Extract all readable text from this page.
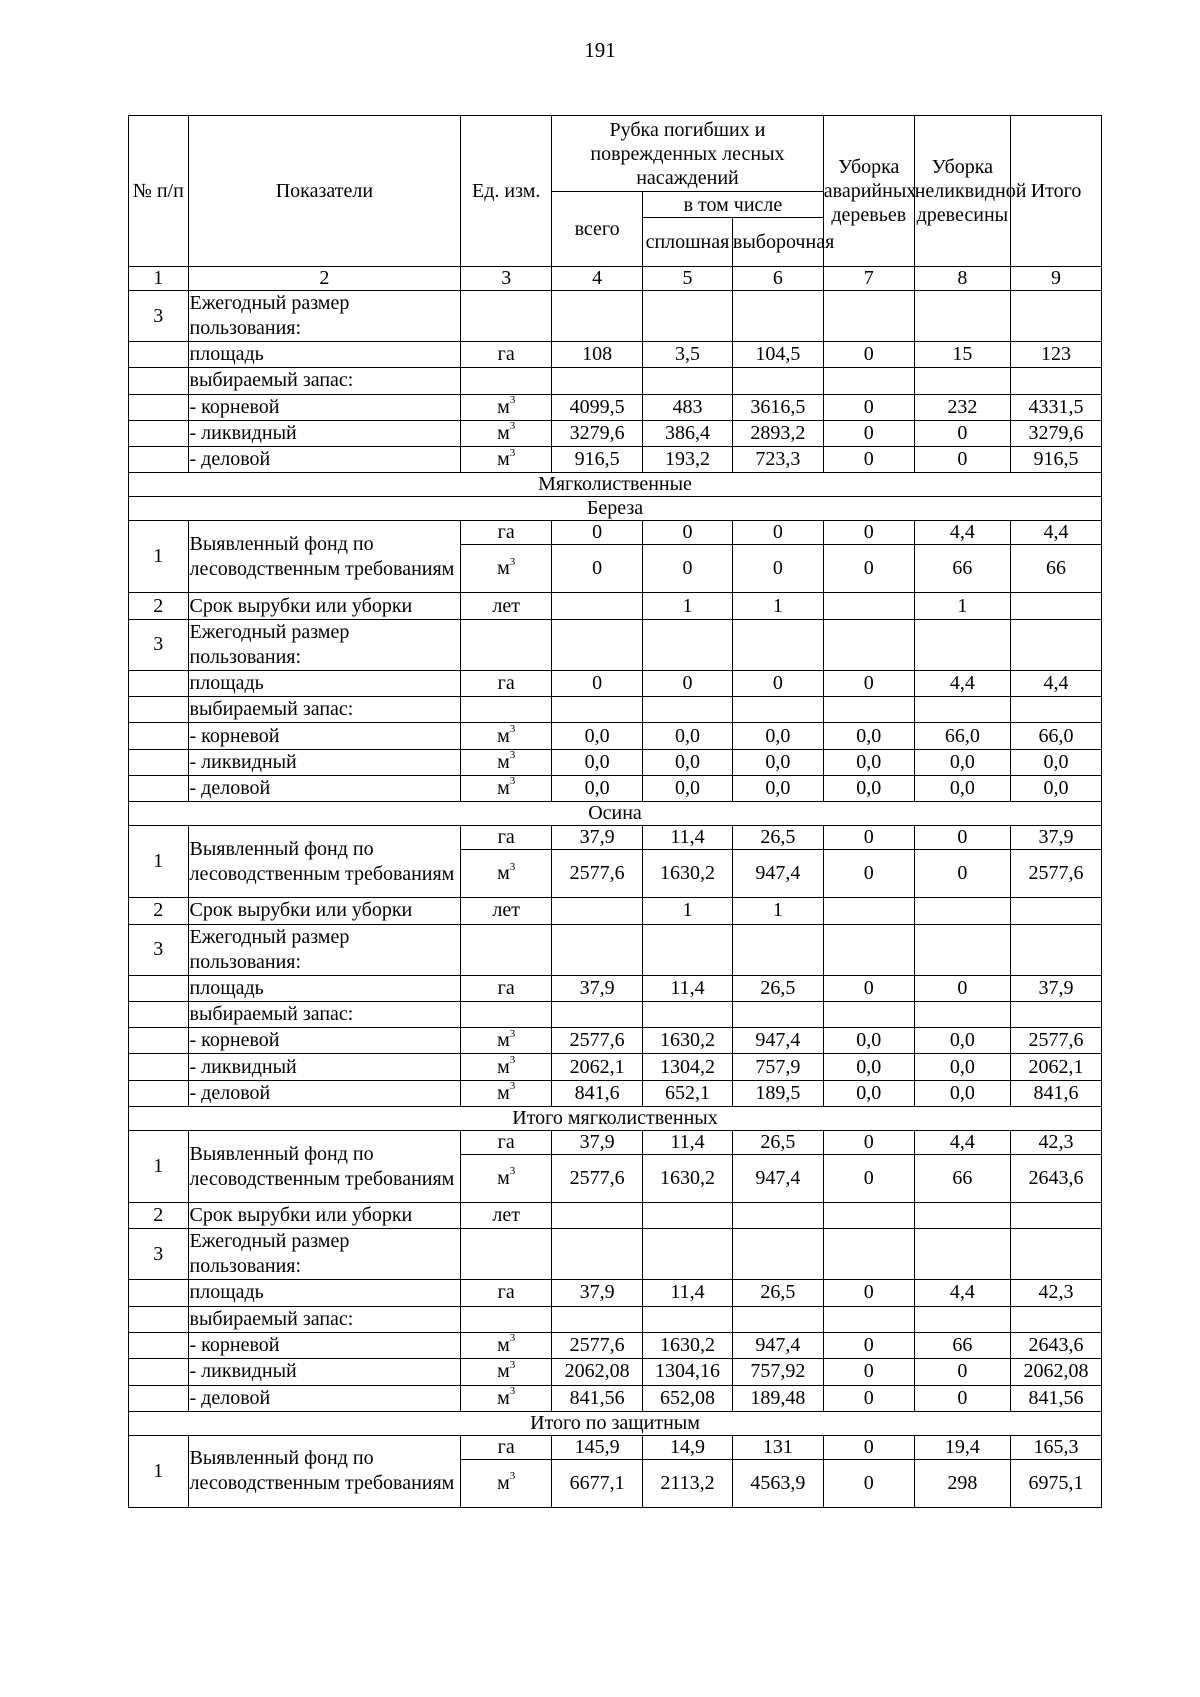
191
№ п/п	Показатели	Ед. изм.	Рубка погибших и поврежденных лесных насаждений			Уборка аварийных деревьев	Уборка неликвидной древесины	Итого
			всего	в том числе				
				сплошная	выборочная			
1	2	3	4	5	6	7	8	9
3	Ежегодный размер пользования:							
	площадь	га	108	3,5	104,5	0	15	123
	выбираемый запас:							
	- корневой	$м^3$	4099,5	483	3616,5	0	232	4331,5
	- ликвидный	$м^3$	3279,6	386,4	2893,2	0	0	3279,6
	- деловой	$м^3$	916,5	193,2	723,3	0	0	916,5
Мягколиственные								
Береза								
1	Выявленный фонд по лесоводственным требованиям	га	0	0	0	0	4,4	4,4
		$м^3$	0	0	0	0	66	66
2	Срок вырубки или уборки	лет		1	1		1	
3	Ежегодный размер пользования:							
	площадь	га	0	0	0	0	4,4	4,4
	выбираемый запас:							
	- корневой	$м^3$	0,0	0,0	0,0	0,0	66,0	66,0
	- ликвидный	$м^3$	0,0	0,0	0,0	0,0	0,0	0,0
	- деловой	$м^3$	0,0	0,0	0,0	0,0	0,0	0,0
Осина								
1	Выявленный фонд по лесоводственным требованиям	га	37,9	11,4	26,5	0	0	37,9
		$м^3$	2577,6	1630,2	947,4	0	0	2577,6
2	Срок вырубки или уборки	лет		1	1			
3	Ежегодный размер пользования:							
	площадь	га	37,9	11,4	26,5	0	0	37,9
	выбираемый запас:							
	- корневой	$м^3$	2577,6	1630,2	947,4	0,0	0,0	2577,6
	- ликвидный	$м^3$	2062,1	1304,2	757,9	0,0	0,0	2062,1
	- деловой	$м^3$	841,6	652,1	189,5	0,0	0,0	841,6
Итого мягколиственных								
1	Выявленный фонд по лесоводственным требованиям	га	37,9	11,4	26,5	0	4,4	42,3
		$м^3$	2577,6	1630,2	947,4	0	66	2643,6
2	Срок вырубки или уборки	лет						
3	Ежегодный размер пользования:							
	площадь	га	37,9	11,4	26,5	0	4,4	42,3
	выбираемый запас:							
	- корневой	$м^3$	2577,6	1630,2	947,4	0	66	2643,6
	- ликвидный	$м^3$	2062,08	1304,16	757,92	0	0	2062,08
	- деловой	$м^3$	841,56	652,08	189,48	0	0	841,56
Итого по защитным								
1	Выявленный фонд по лесоводственным требованиям	га	145,9	14,9	131	0	19,4	165,3
		$м^3$	6677,1	2113,2	4563,9	0	298	6975,1
